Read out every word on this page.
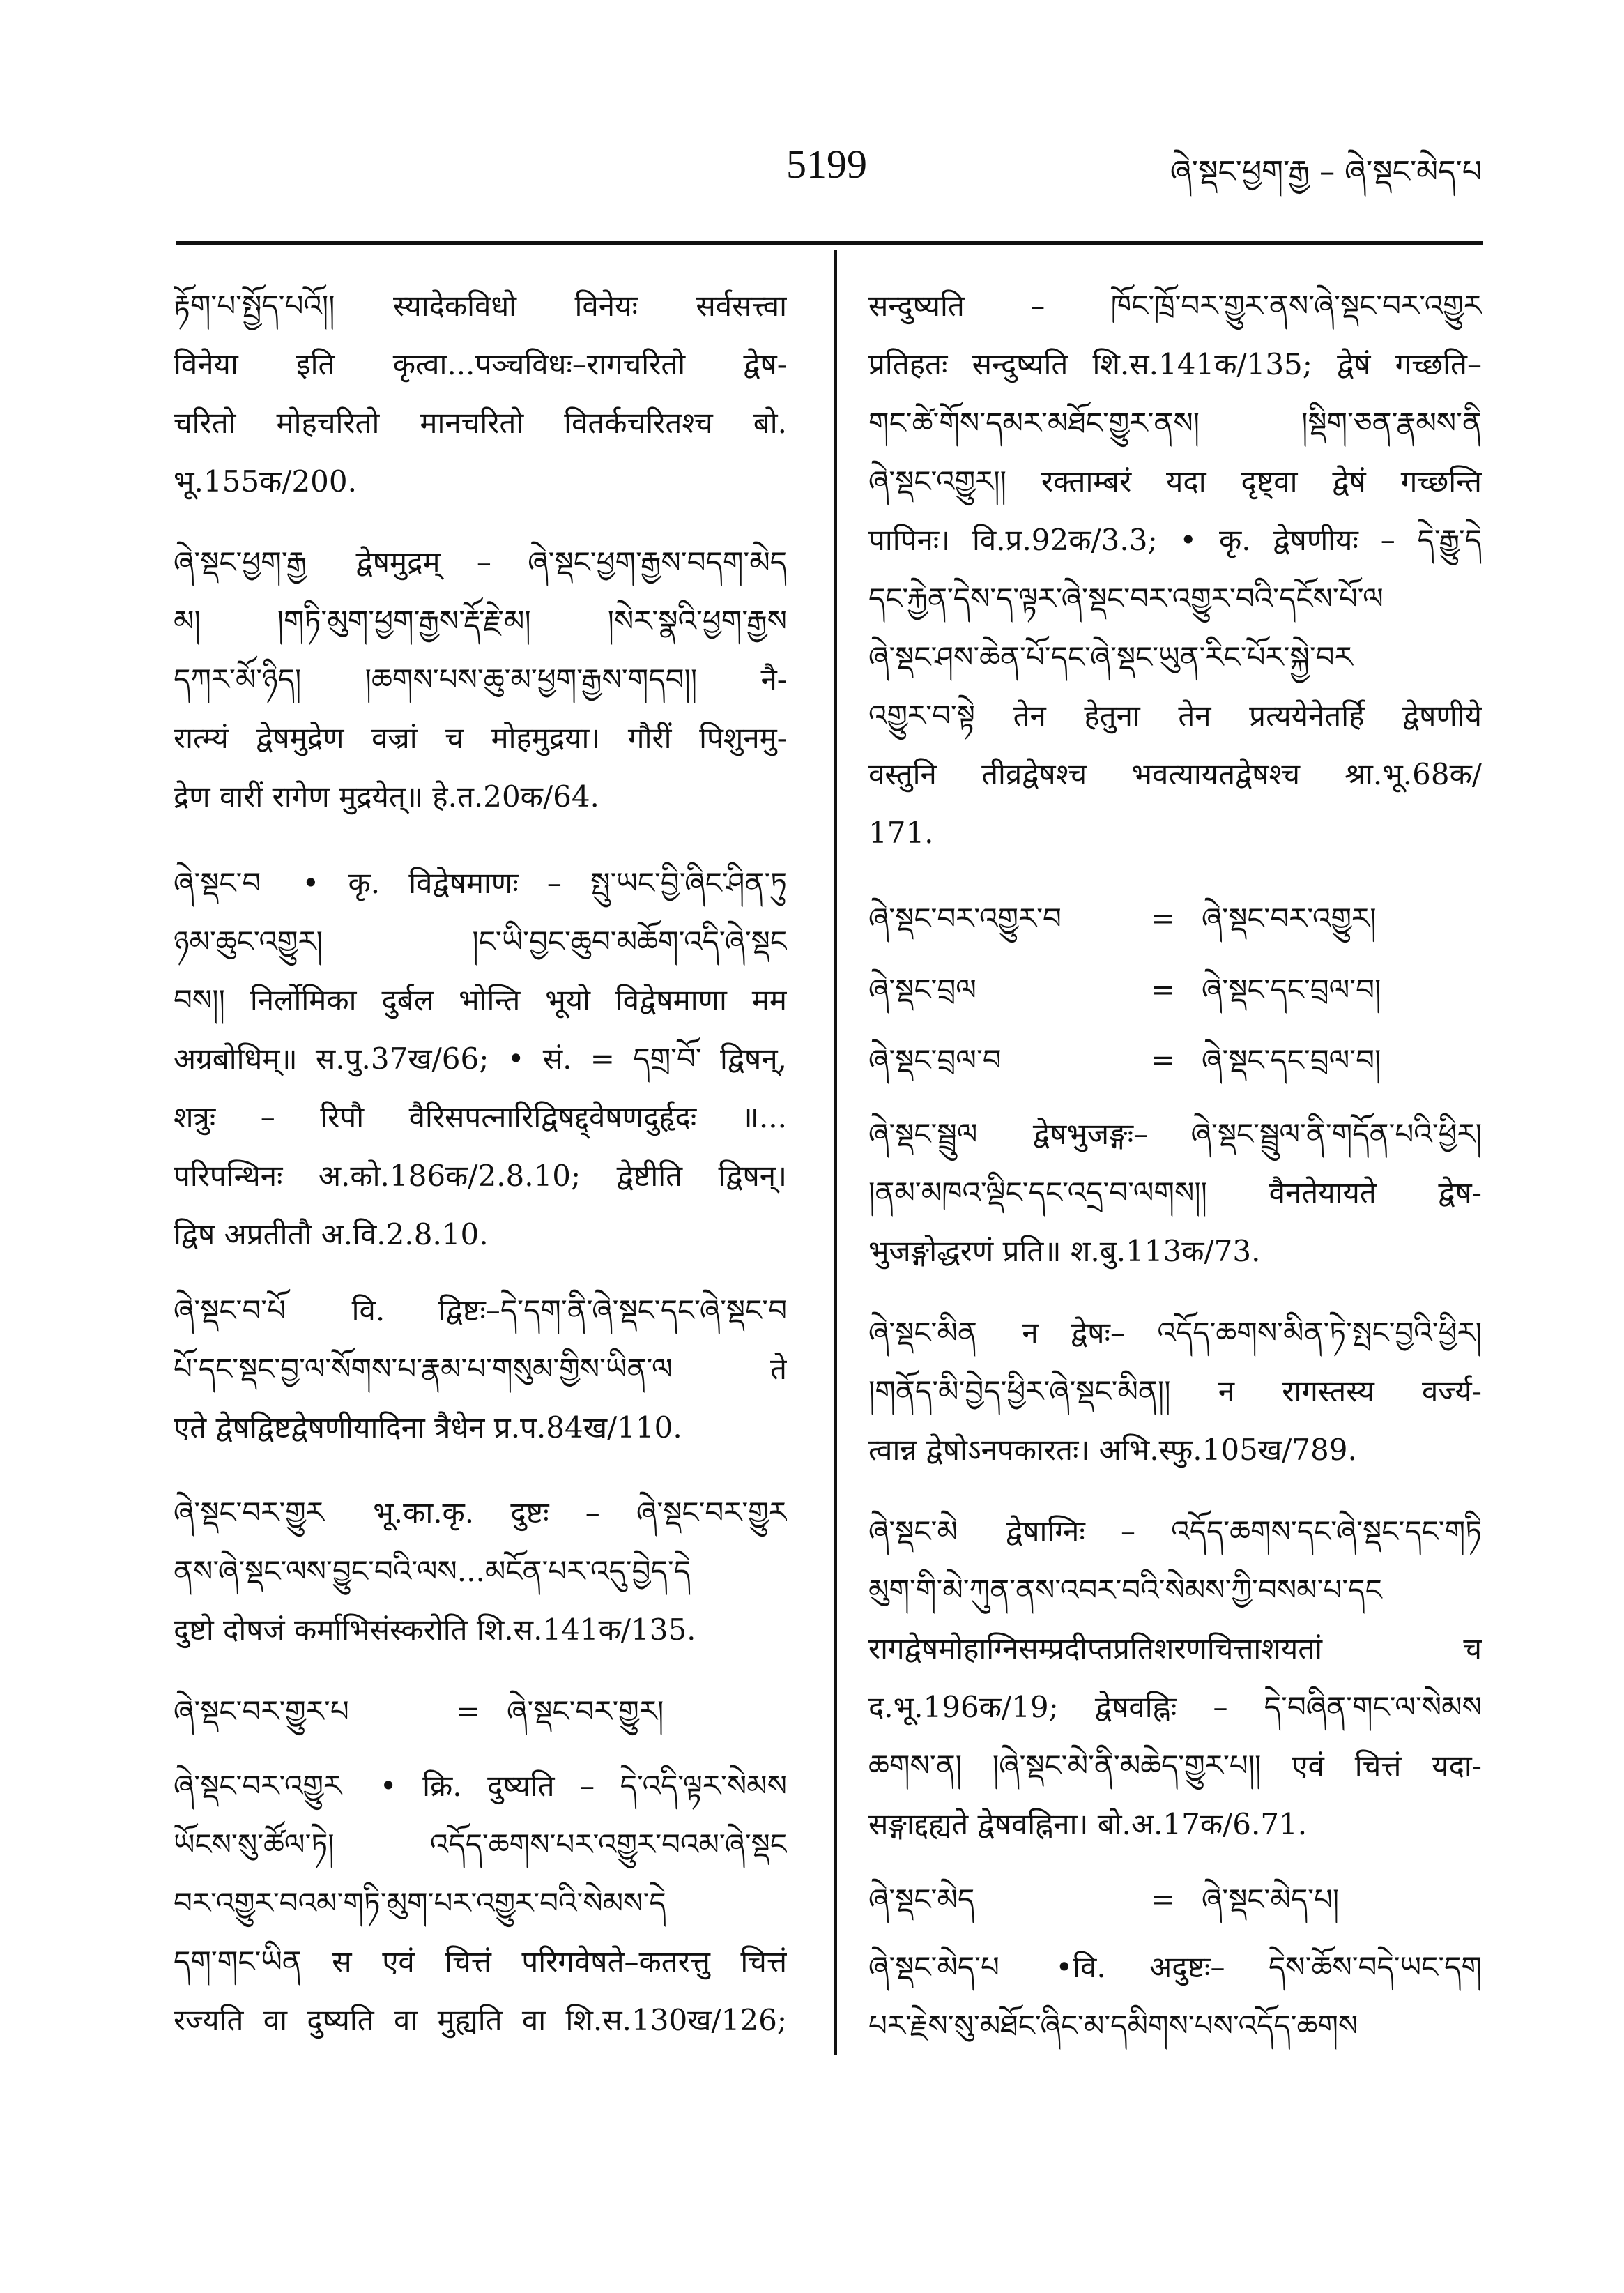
5199	ཞེ་སྡང་ཕྱག་རྒྱ – ཞེ་སྡང་མེད་པ
རྟོག་པ་སྤྱོད་པའོ།། स्यादेकविधो विनेयः सर्वसत्त्वा
विनेया इति कृत्वा...पञ्चविधः–रागचरितो द्वेष-
चरितो मोहचरितो मानचरितो वितर्कचरितश्च बो.
भू.155क/200.
ཞེ་སྡང་ཕྱག་རྒྱ द्वेषमुद्रम् – ཞེ་སྡང་ཕྱག་རྒྱས་བདག་མེད
མ། །གཏི་མུག་ཕྱག་རྒྱས་རྡོ་རྗེ་མ། །སེར་སྣའི་ཕྱག་རྒྱས
དཀར་མོ་ཉིད། །ཆགས་པས་ཆུ་མ་ཕྱག་རྒྱས་གདབ།། नै-
रात्म्यं द्वेषमुद्रेण वज्रां च मोहमुद्रया। गौरीं पिशुनमु-
द्रेण वारीं रागेण मुद्रयेत्॥ हे.त.20क/64.
ཞེ་སྡང་བ • कृ. विद्वेषमाणः – སྤུ་ཡང་བྱི་ཞིང་ཤིན་ཏུ
ཉམ་ཆུང་འགྱུར། །ང་ཡི་བྱང་ཆུབ་མཆོག་འདི་ཞེ་སྡང
བས།། निर्लोमिका दुर्बल भोन्ति भूयो विद्वेषमाणा मम
अग्रबोधिम्॥ स.पु.37ख/66; • सं. = དགྲ་བོ་ द्विषन्,
शत्रुः – रिपौ वैरिसपत्नारिद्विषद्द्वेषणदुर्हृदः ॥...
परिपन्थिनः अ.को.186क/2.8.10; द्वेष्टीति द्विषन्।
द्विष अप्रतीतौ अ.वि.2.8.10.
ཞེ་སྡང་བ་པོ वि. द्विष्टः–དེ་དག་ནི་ཞེ་སྡང་དང་ཞེ་སྡང་བ
པོ་དང་སྡང་བྱ་ལ་སོགས་པ་རྣམ་པ་གསུམ་གྱིས་ཡིན་ལ ते
एते द्वेषद्विष्टद्वेषणीयादिना त्रैधेन प्र.प.84ख/110.
ཞེ་སྡང་བར་གྱུར भू.का.कृ. दुष्टः – ཞེ་སྡང་བར་གྱུར
ནས་ཞེ་སྡང་ལས་བྱུང་བའི་ལས...མངོན་པར་འདུ་བྱེད་དེ
दुष्टो दोषजं कर्माभिसंस्करोति शि.स.141क/135.
ཞེ་སྡང་བར་གྱུར་པ	= ཞེ་སྡང་བར་གྱུར།
ཞེ་སྡང་བར་འགྱུར • क्रि. दुष्यति – དེ་འདི་ལྟར་སེམས
ཡོངས་སུ་ཚོལ་ཏེ། འདོད་ཆགས་པར་འགྱུར་བའམ་ཞེ་སྡང
བར་འགྱུར་བའམ་གཏི་མུག་པར་འགྱུར་བའི་སེམས་དེ
དག་གང་ཡིན स एवं चित्तं परिगवेषते–कतरत्तु चित्तं
रज्यति वा दुष्यति वा मुह्यति वा शि.स.130ख/126;
सन्दुष्यति – ཁོང་ཁྲོ་བར་གྱུར་ནས་ཞེ་སྡང་བར་འགྱུར
प्रतिहतः सन्दुष्यति शि.स.141क/135; द्वेषं गच्छति–
གང་ཚེ་གོས་དམར་མཐོང་གྱུར་ནས། །སྡིག་ཅན་རྣམས་ནི
ཞེ་སྡང་འགྱུར།། रक्ताम्बरं यदा दृष्ट्वा द्वेषं गच्छन्ति
पापिनः। वि.प्र.92क/3.3; • कृ. द्वेषणीयः – དེ་རྒྱུ་དེ
དང་རྐྱེན་དེས་ད་ལྟར་ཞེ་སྡང་བར་འགྱུར་བའི་དངོས་པོ་ལ
ཞེ་སྡང་ཤས་ཆེན་པོ་དང་ཞེ་སྡང་ཡུན་རིང་པོར་སྐྱེ་བར
འགྱུར་བ་སྟེ तेन हेतुना तेन प्रत्ययेनेतर्हि द्वेषणीये
वस्तुनि तीव्रद्वेषश्च भवत्यायतद्वेषश्च श्रा.भू.68क/
171.
ཞེ་སྡང་བར་འགྱུར་བ	= ཞེ་སྡང་བར་འགྱུར།
ཞེ་སྡང་བྲལ	= ཞེ་སྡང་དང་བྲལ་བ།
ཞེ་སྡང་བྲལ་བ	= ཞེ་སྡང་དང་བྲལ་བ།
ཞེ་སྡང་སྦྲུལ द्वेषभुजङ्गः– ཞེ་སྡང་སྦྲུལ་ནི་གདོན་པའི་ཕྱིར།
།ནམ་མཁའ་ལྡིང་དང་འདྲ་བ་ལགས།། वैनतेयायते द्वेष-
भुजङ्गोद्धरणं प्रति॥ श.बु.113क/73.
ཞེ་སྡང་མིན न द्वेषः– འདོད་ཆགས་མིན་ཏེ་སྤང་བྱའི་ཕྱིར།
།གནོད་མི་བྱེད་ཕྱིར་ཞེ་སྡང་མིན།། न रागस्तस्य वर्ज्य-
त्वान्न द्वेषोऽनपकारतः। अभि.स्फु.105ख/789.
ཞེ་སྡང་མེ द्वेषाग्निः – འདོད་ཆགས་དང་ཞེ་སྡང་དང་གཏི
མུག་གི་མེ་ཀུན་ནས་འབར་བའི་སེམས་ཀྱི་བསམ་པ་དང
रागद्वेषमोहाग्निसम्प्रदीप्तप्रतिशरणचित्ताशयतां च
द.भू.196क/19; द्वेषवह्निः – དེ་བཞིན་གང་ལ་སེམས
ཆགས་ན། །ཞེ་སྡང་མེ་ནི་མཆེད་གྱུར་པ།། एवं चित्तं यदा-
सङ्गाद्दह्यते द्वेषवह्निना। बो.अ.17क/6.71.
ཞེ་སྡང་མེད	= ཞེ་སྡང་མེད་པ།
ཞེ་སྡང་མེད་པ •वि. अदुष्टः– དེས་ཆོས་བདེ་ཡང་དག
པར་རྗེས་སུ་མཐོང་ཞིང་མ་དམིགས་པས་འདོད་ཆགས
